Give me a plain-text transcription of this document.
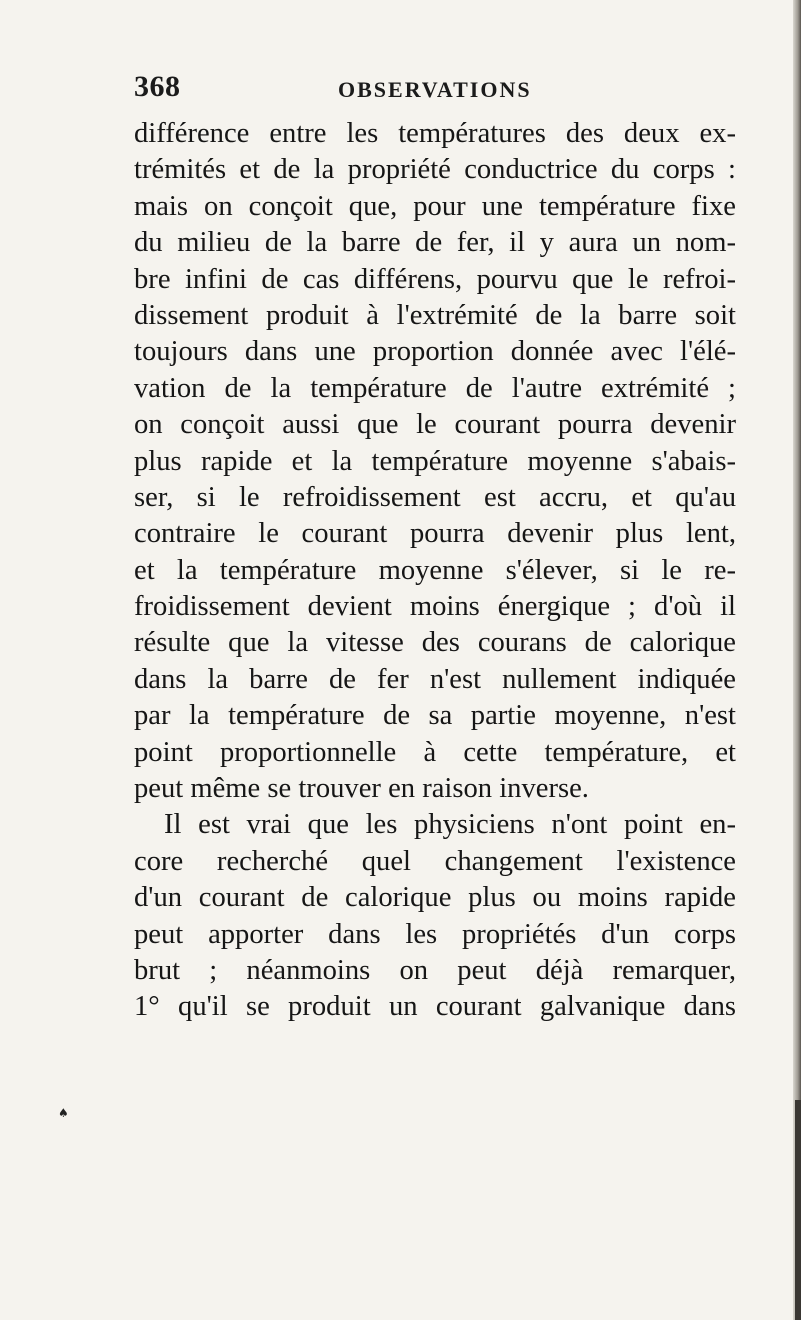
368	OBSERVATIONS
différence entre les températures des deux ex-
trémités et de la propriété conductrice du corps :
mais on conçoit que, pour une température fixe
du milieu de la barre de fer, il y aura un nom-
bre infini de cas différens, pourvu que le refroi-
dissement produit à l'extrémité de la barre soit
toujours dans une proportion donnée avec l'élé-
vation de la température de l'autre extrémité ;
on conçoit aussi que le courant pourra devenir
plus rapide et la température moyenne s'abais-
ser, si le refroidissement est accru, et qu'au
contraire le courant pourra devenir plus lent,
et la température moyenne s'élever, si le re-
froidissement devient moins énergique ; d'où il
résulte que la vitesse des courans de calorique
dans la barre de fer n'est nullement indiquée
par la température de sa partie moyenne, n'est
point proportionnelle à cette température, et
peut même se trouver en raison inverse.
Il est vrai que les physiciens n'ont point en-
core recherché quel changement l'existence
d'un courant de calorique plus ou moins rapide
peut apporter dans les propriétés d'un corps
brut ; néanmoins on peut déjà remarquer,
1° qu'il se produit un courant galvanique dans
♠
